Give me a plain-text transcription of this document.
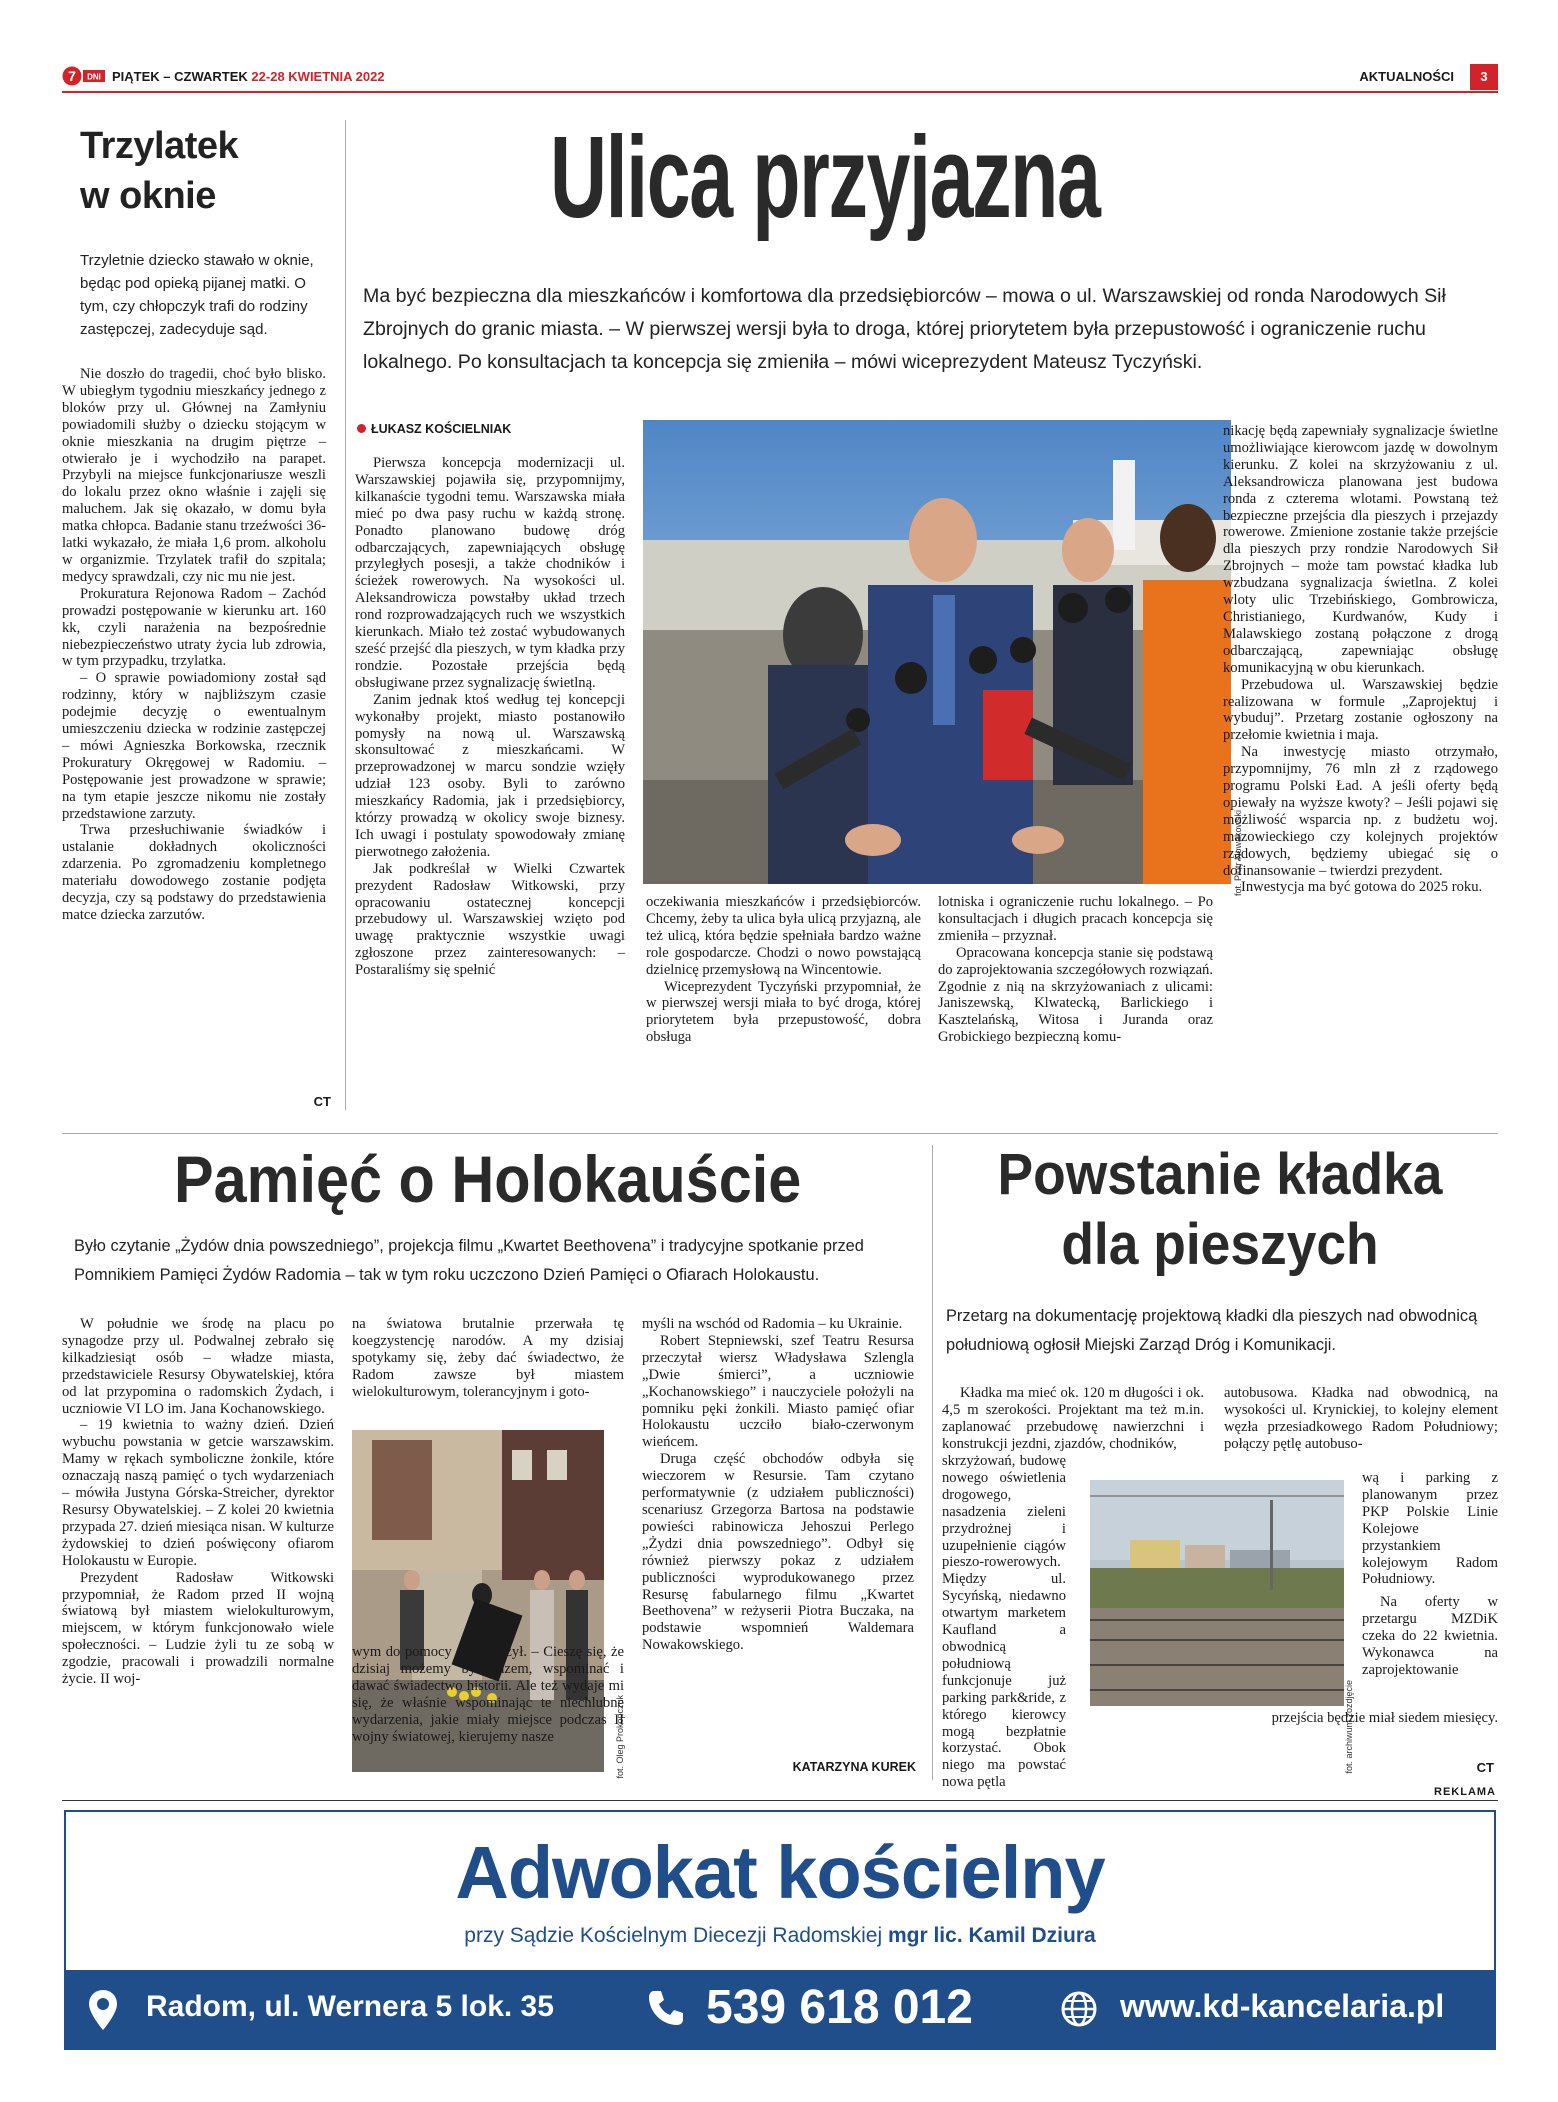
7 DNI PIĄTEK – CZWARTEK 22-28 KWIETNIA 2022	AKTUALNOŚCI	3
Trzylatek
w oknie
Trzyletnie dziecko stawało w oknie, będąc pod opieką pijanej matki. O tym, czy chłopczyk trafi do rodziny zastępczej, zadecyduje sąd.

Nie doszło do tragedii, choć było blisko. W ubiegłym tygodniu mieszkańcy jednego z bloków przy ul. Głównej na Zamłyniu powiadomili służby o dziecku stojącym w oknie mieszkania na drugim piętrze – otwierało je i wychodziło na parapet. Przybyli na miejsce funkcjonariusze weszli do lokalu przez okno właśnie i zajęli się maluchem. Jak się okazało, w domu była matka chłopca. Badanie stanu trzeźwości 36-latki wykazało, że miała 1,6 prom. alkoholu w organizmie. Trzylatek trafił do szpitala; medycy sprawdzali, czy nic mu nie jest.

Prokuratura Rejonowa Radom – Zachód prowadzi postępowanie w kierunku art. 160 kk, czyli narażenia na bezpośrednie niebezpieczeństwo utraty życia lub zdrowia, w tym przypadku, trzylatka.

– O sprawie powiadomiony został sąd rodzinny, który w najbliższym czasie podejmie decyzję o ewentualnym umieszczeniu dziecka w rodzinie zastępczej – mówi Agnieszka Borkowska, rzecznik Prokuratury Okręgowej w Radomiu. – Postępowanie jest prowadzone w sprawie; na tym etapie jeszcze nikomu nie zostały przedstawione zarzuty.

Trwa przesłuchiwanie świadków i ustalanie dokładnych okoliczności zdarzenia. Po zgromadzeniu kompletnego materiału dowodowego zostanie podjęta decyzja, czy są podstawy do przedstawienia matce dziecka zarzutów.

CT
Ulica przyjazna
Ma być bezpieczna dla mieszkańców i komfortowa dla przedsiębiorców – mowa o ul. Warszawskiej od ronda Narodowych Sił Zbrojnych do granic miasta. – W pierwszej wersji była to droga, której priorytetem była przepustowość i ograniczenie ruchu lokalnego. Po konsultacjach ta koncepcja się zmieniła – mówi wiceprezydent Mateusz Tyczyński.
ŁUKASZ KOŚCIELNIAK

Pierwsza koncepcja modernizacji ul. Warszawskiej pojawiła się, przypomnijmy, kilkanaście tygodni temu. Warszawska miała mieć po dwa pasy ruchu w każdą stronę. Ponadto planowano budowę dróg odbarczających, zapewniających obsługę przyległych posesji, a także chodników i ścieżek rowerowych. Na wysokości ul. Aleksandrowicza powstałby układ trzech rond rozprowadzających ruch we wszystkich kierunkach. Miało też zostać wybudowanych sześć przejść dla pieszych, w tym kładka przy rondzie. Pozostałe przejścia będą obsługiwane przez sygnalizację świetlną.

Zanim jednak ktoś według tej koncepcji wykonałby projekt, miasto postanowiło pomysły na nową ul. Warszawską skonsultować z mieszkańcami. W przeprowadzonej w marcu sondzie wzięły udział 123 osoby. Byli to zarówno mieszkańcy Radomia, jak i przedsiębiorcy, którzy prowadzą w okolicy swoje biznesy. Ich uwagi i postulaty spowodowały zmianę pierwotnego założenia.

Jak podkreślał w Wielki Czwartek prezydent Radosław Witkowski, przy opracowaniu ostatecznej koncepcji przebudowy ul. Warszawskiej wzięto pod uwagę praktycznie wszystkie uwagi zgłoszone przez zainteresowanych: – Postaraliśmy się spełnić

fot. Piotr Nowakowski

oczekiwania mieszkańców i przedsiębiorców. Chcemy, żeby ta ulica była ulicą przyjazną, ale też ulicą, która będzie spełniała bardzo ważne role gospodarcze. Chodzi o nowo powstającą dzielnicę przemysłową na Wincentowie.

Wiceprezydent Tyczyński przypomniał, że w pierwszej wersji miała to być droga, której priorytetem była przepustowość, dobra obsługa

lotniska i ograniczenie ruchu lokalnego. – Po konsultacjach i długich pracach koncepcja się zmieniła – przyznał.

Opracowana koncepcja stanie się podstawą do zaprojektowania szczegółowych rozwiązań. Zgodnie z nią na skrzyżowaniach z ulicami: Janiszewską, Klwatecką, Barlickiego i Kasztelańską, Witosa i Juranda oraz Grobickiego bezpieczną komu-

nikację będą zapewniały sygnalizacje świetlne umożliwiające kierowcom jazdę w dowolnym kierunku. Z kolei na skrzyżowaniu z ul. Aleksandrowicza planowana jest budowa ronda z czterema wlotami. Powstaną też bezpieczne przejścia dla pieszych i przejazdy rowerowe. Zmienione zostanie także przejście dla pieszych przy rondzie Narodowych Sił Zbrojnych – może tam powstać kładka lub wzbudzana sygnalizacja świetlna. Z kolei wloty ulic Trzebińskiego, Gombrowicza, Christianiego, Kurdwanów, Kudy i Malawskiego zostaną połączone z drogą odbarczającą, zapewniając obsługę komunikacyjną w obu kierunkach.

Przebudowa ul. Warszawskiej będzie realizowana w formule „Zaprojektuj i wybuduj”. Przetarg zostanie ogłoszony na przełomie kwietnia i maja.

Na inwestycję miasto otrzymało, przypomnijmy, 76 mln zł z rządowego programu Polski Ład. A jeśli oferty będą opiewały na wyższe kwoty? – Jeśli pojawi się możliwość wsparcia np. z budżetu woj. mazowieckiego czy kolejnych projektów rządowych, będziemy ubiegać się o dofinansowanie – twierdzi prezydent.

Inwestycja ma być gotowa do 2025 roku.

Pamięć o Holokauście
Było czytanie „Żydów dnia powszedniego”, projekcja filmu „Kwartet Beethovena” i tradycyjne spotkanie przed Pomnikiem Pamięci Żydów Radomia – tak w tym roku uczczono Dzień Pamięci o Ofiarach Holokaustu.

W południe we środę na placu po synagodze przy ul. Podwalnej zebrało się kilkadziesiąt osób – władze miasta, przedstawiciele Resursy Obywatelskiej, która od lat przypomina o radomskich Żydach, i uczniowie VI LO im. Jana Kochanowskiego.

– 19 kwietnia to ważny dzień. Dzień wybuchu powstania w getcie warszawskim. Mamy w rękach symboliczne żonkile, które oznaczają naszą pamięć o tych wydarzeniach – mówiła Justyna Górska-Streicher, dyrektor Resursy Obywatelskiej. – Z kolei 20 kwietnia przypada 27. dzień miesiąca nisan. W kulturze żydowskiej to dzień poświęcony ofiarom Holokaustu w Europie.

Prezydent Radosław Witkowski przypomniał, że Radom przed II wojną światową był miastem wielokulturowym, miejscem, w którym funkcjonowało wiele społeczności. – Ludzie żyli tu ze sobą w zgodzie, pracowali i prowadzili normalne życie. II woj-

na światowa brutalnie przerwała tę koegzystencję narodów. A my dzisiaj spotykamy się, żeby dać świadectwo, że Radom zawsze był miastem wielokulturowym, tolerancyjnym i goto-

fot. Oleg Prokopczuk

wym do pomocy – zauważył. – Cieszę się, że dzisiaj możemy być razem, wspominać i dawać świadectwo historii. Ale też wydaje mi się, że właśnie wspominając te niechlubne wydarzenia, jakie miały miejsce podczas II wojny światowej, kierujemy nasze

myśli na wschód od Radomia – ku Ukrainie.

Robert Stepniewski, szef Teatru Resursa przeczytał wiersz Władysława Szlengla „Dwie śmierci”, a uczniowie „Kochanowskiego” i nauczyciele położyli na pomniku pęki żonkili. Miasto pamięć ofiar Holokaustu uczciło biało-czerwonym wieńcem.

Druga część obchodów odbyła się wieczorem w Resursie. Tam czytano performatywnie (z udziałem publiczności) scenariusz Grzegorza Bartosa na podstawie powieści rabinowicza Jehoszui Perlego „Żydzi dnia powszedniego”. Odbył się również pierwszy pokaz z udziałem publiczności wyprodukowanego przez Resursę fabularnego filmu „Kwartet Beethovena” w reżyserii Piotra Buczaka, na podstawie wspomnień Waldemara Nowakowskiego.

KATARZYNA KUREK
Powstanie kładka
dla pieszych
Przetarg na dokumentację projektową kładki dla pieszych nad obwodnicą południową ogłosił Miejski Zarząd Dróg i Komunikacji.

Kładka ma mieć ok. 120 m długości i ok. 4,5 m szerokości. Projektant ma też m.in. zaplanować przebudowę nawierzchni i konstrukcji jezdni, zjazdów, chodników,

skrzyżowań, budowę nowego oświetlenia drogowego, nasadzenia zieleni przydrożnej i uzupełnienie ciągów pieszo-rowerowych. Między ul. Sycyńską, niedawno otwartym marketem Kaufland a obwodnicą południową funkcjonuje już parking park&ride, z którego kierowcy mogą bezpłatnie korzystać. Obok niego ma powstać nowa pętla

fot. archiwum zozdjęcie

autobusowa. Kładka nad obwodnicą, na wysokości ul. Krynickiej, to kolejny element węzła przesiadkowego Radom Południowy; połączy pętlę autobuso-

wą i parking z planowanym przez PKP Polskie Linie Kolejowe przystankiem kolejowym Radom Południowy.

Na oferty w przetargu MZDiK czeka do 22 kwietnia. Wykonawca na zaprojektowanie

przejścia będzie miał siedem miesięcy.

CT
REKLAMA
Adwokat kościelny
przy Sądzie Kościelnym Diecezji Radomskiej mgr lic. Kamil Dziura
Radom, ul. Wernera 5 lok. 35	539 618 012	www.kd-kancelaria.pl
